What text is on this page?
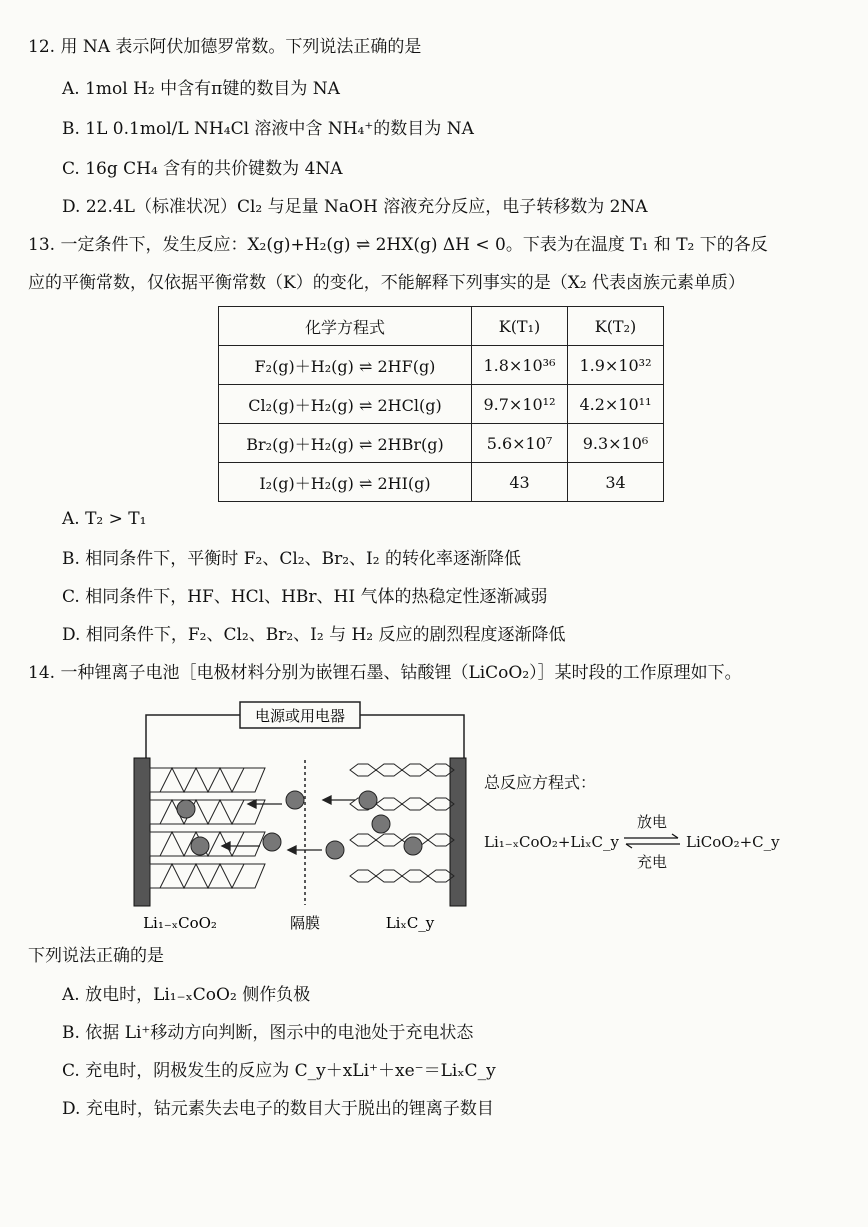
12. 用 NA 表示阿伏加德罗常数。下列说法正确的是
A. 1mol H₂ 中含有π键的数目为 NA
B. 1L 0.1mol/L NH₄Cl 溶液中含 NH₄⁺的数目为 NA
C. 16g CH₄ 含有的共价键数为 4NA
D. 22.4L（标准状况）Cl₂ 与足量 NaOH 溶液充分反应，电子转移数为 2NA
13. 一定条件下，发生反应：X₂(g)+H₂(g) ⇌ 2HX(g) ΔH < 0。下表为在温度 T₁ 和 T₂ 下的各反
应的平衡常数，仅依据平衡常数（K）的变化，不能解释下列事实的是（X₂ 代表卤族元素单质）
化学方程式	K(T₁)	K(T₂)
F₂(g)＋H₂(g) ⇌ 2HF(g)	1.8×10³⁶	1.9×10³²
Cl₂(g)＋H₂(g) ⇌ 2HCl(g)	9.7×10¹²	4.2×10¹¹
Br₂(g)＋H₂(g) ⇌ 2HBr(g)	5.6×10⁷	9.3×10⁶
I₂(g)＋H₂(g) ⇌ 2HI(g)	43	34
A. T₂ > T₁
B. 相同条件下，平衡时 F₂、Cl₂、Br₂、I₂ 的转化率逐渐降低
C. 相同条件下，HF、HCl、HBr、HI 气体的热稳定性逐渐减弱
D. 相同条件下，F₂、Cl₂、Br₂、I₂ 与 H₂ 反应的剧烈程度逐渐降低
14. 一种锂离子电池［电极材料分别为嵌锂石墨、钴酸锂（LiCoO₂）］某时段的工作原理如下。
电源或用电器
Li₁₋ₓCoO₂	隔膜	LiₓC_y
总反应方程式：
Li₁₋ₓCoO₂+LiₓC_y
放电
充电
LiCoO₂+C_y
下列说法正确的是
A. 放电时，Li₁₋ₓCoO₂ 侧作负极
B. 依据 Li⁺移动方向判断，图示中的电池处于充电状态
C. 充电时，阴极发生的反应为 C_y＋xLi⁺＋xe⁻＝LiₓC_y
D. 充电时，钴元素失去电子的数目大于脱出的锂离子数目
